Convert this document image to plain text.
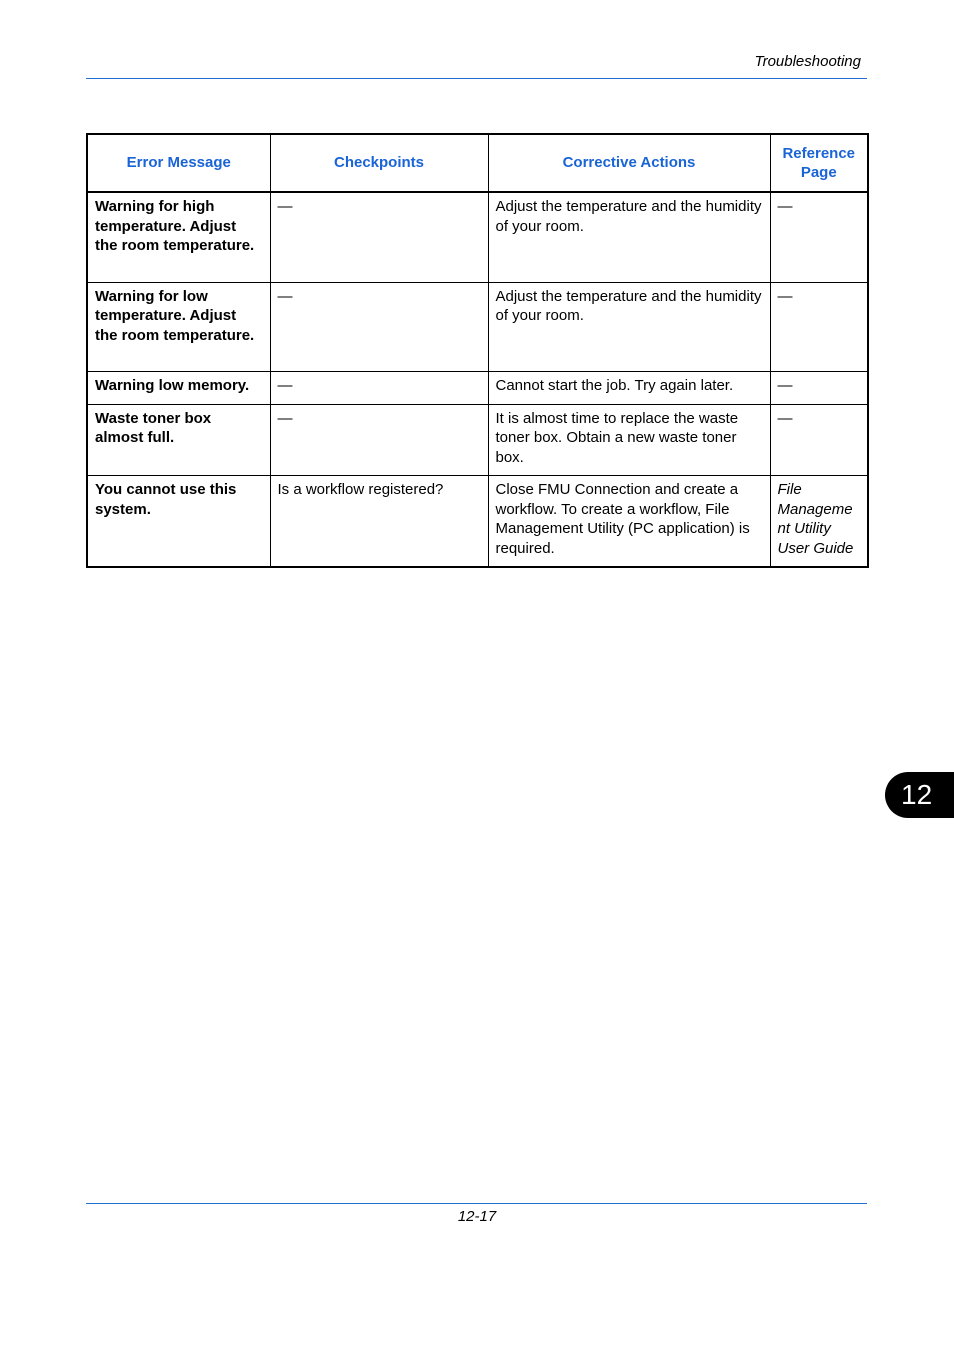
Troubleshooting
Error Message	Checkpoints	Corrective Actions	Reference Page
Warning for high temperature. Adjust the room temperature.	—	Adjust the temperature and the humidity of your room.	—
Warning for low temperature. Adjust the room temperature.	—	Adjust the temperature and the humidity of your room.	—
Warning low memory.	—	Cannot start the job. Try again later.	—
Waste toner box almost full.	—	It is almost time to replace the waste toner box. Obtain a new waste toner box.	—
You cannot use this system.	Is a workflow registered?	Close FMU Connection and create a workflow. To create a workflow, File Management Utility (PC application) is required.	File Manageme nt Utility User Guide
12
12-17
